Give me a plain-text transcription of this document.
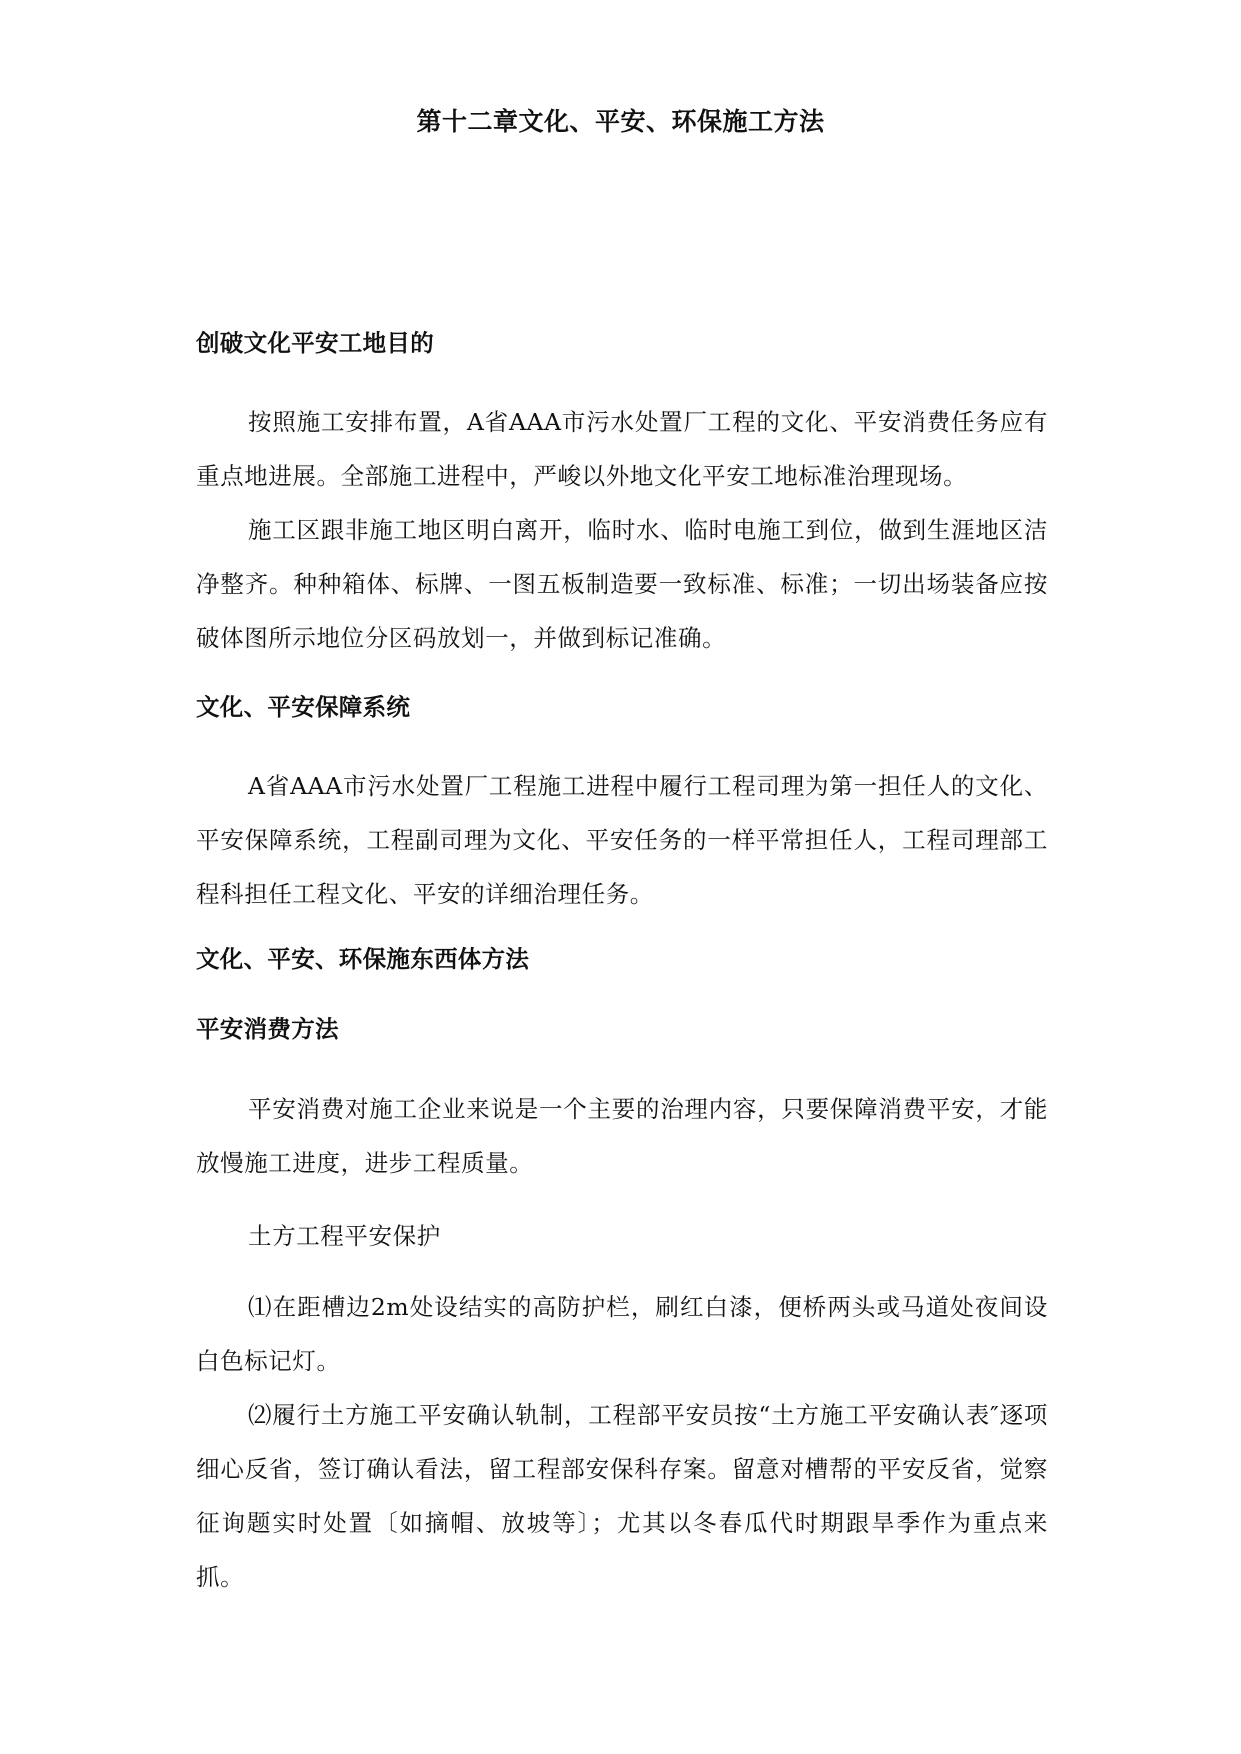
第十二章文化、平安、环保施工方法
创破文化平安工地目的

按照施工安排布置，A省AAA市污水处置厂工程的文化、平安消费任务应有重点地进展。全部施工进程中，严峻以外地文化平安工地标准治理现场。

施工区跟非施工地区明白离开，临时水、临时电施工到位，做到生涯地区洁净整齐。种种箱体、标牌、一图五板制造要一致标准、标准；一切出场装备应按破体图所示地位分区码放划一，并做到标记准确。

文化、平安保障系统

A省AAA市污水处置厂工程施工进程中履行工程司理为第一担任人的文化、平安保障系统，工程副司理为文化、平安任务的一样平常担任人，工程司理部工程科担任工程文化、平安的详细治理任务。

文化、平安、环保施东西体方法
平安消费方法

平安消费对施工企业来说是一个主要的治理内容，只要保障消费平安，才能放慢施工进度，进步工程质量。

土方工程平安保护

⑴在距槽边2m处设结实的高防护栏，刷红白漆，便桥两头或马道处夜间设白色标记灯。

⑵履行土方施工平安确认轨制，工程部平安员按“土方施工平安确认表″逐项细心反省，签订确认看法，留工程部安保科存案。留意对槽帮的平安反省，觉察征询题实时处置〔如摘帽、放坡等〕；尤其以冬春瓜代时期跟旱季作为重点来抓。
